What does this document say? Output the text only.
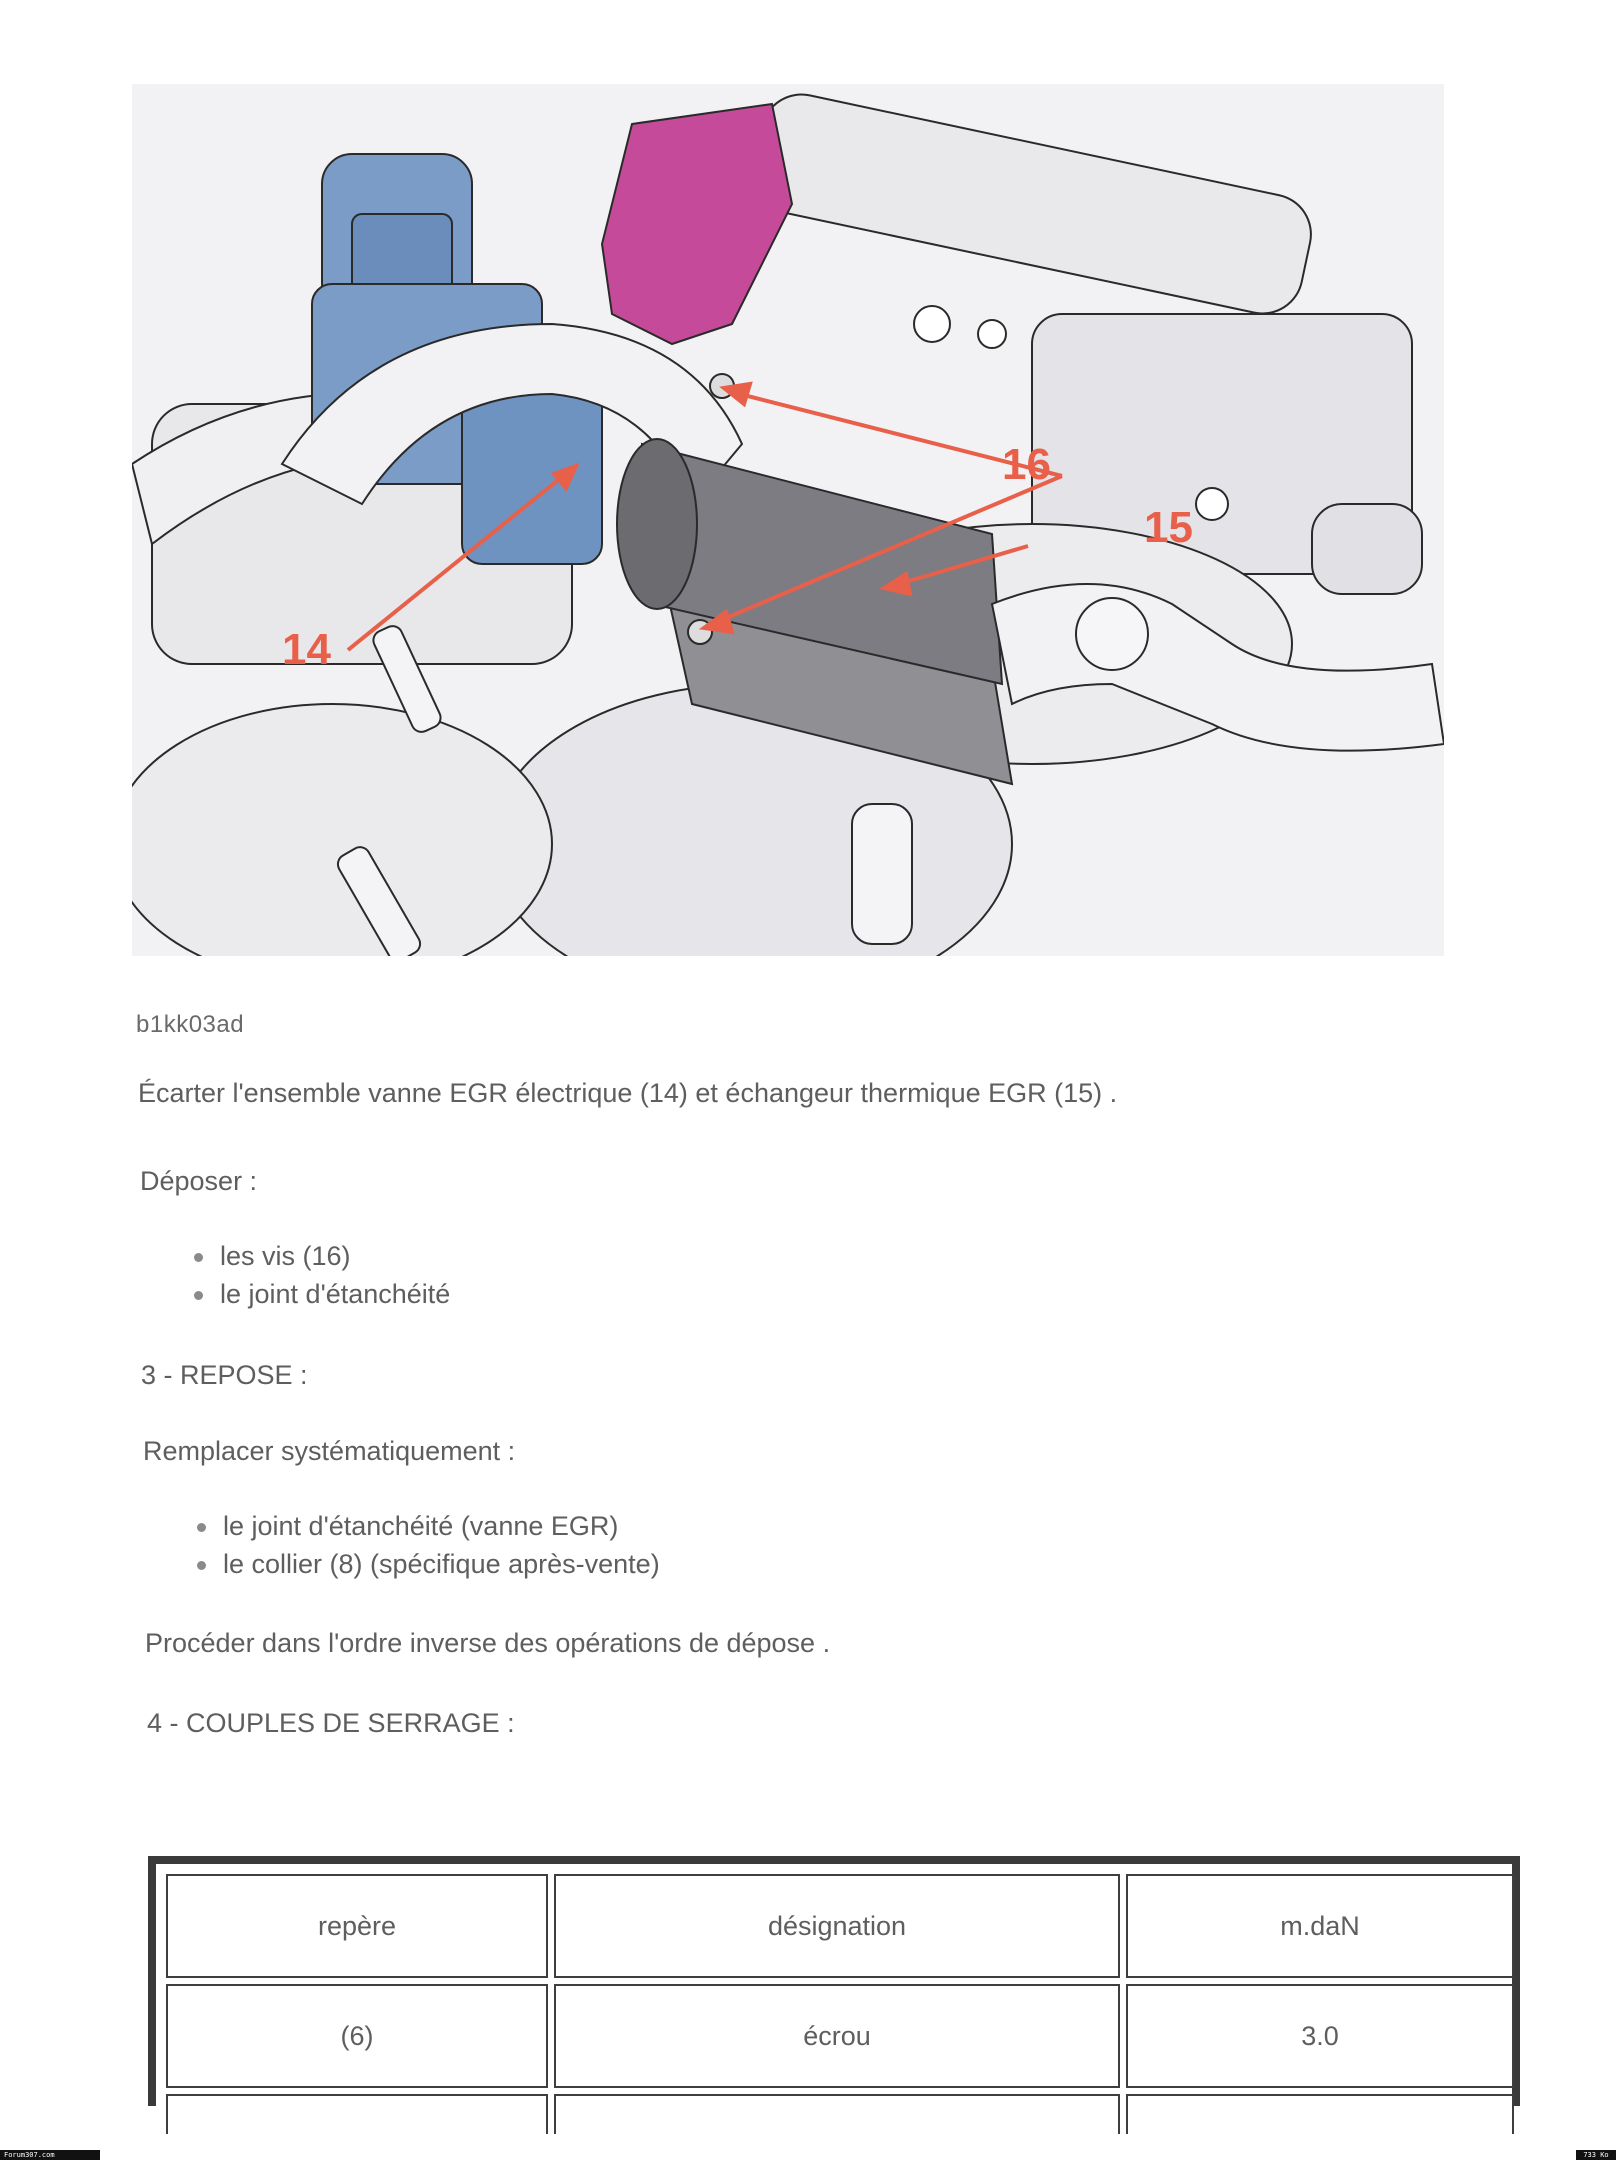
16
15
14
b1kk03ad
Écarter l'ensemble vanne EGR électrique (14) et échangeur thermique EGR (15) .
Déposer :
les vis (16)
le joint d'étanchéité
3 - REPOSE :
Remplacer systématiquement :
le joint d'étanchéité (vanne EGR)
le collier (8) (spécifique après-vente)
Procéder dans l'ordre inverse des opérations de dépose .
4 - COUPLES DE SERRAGE :
repère	désignation	m.daN
(6)	écrou	3.0
Forum307.com	733 Ko
